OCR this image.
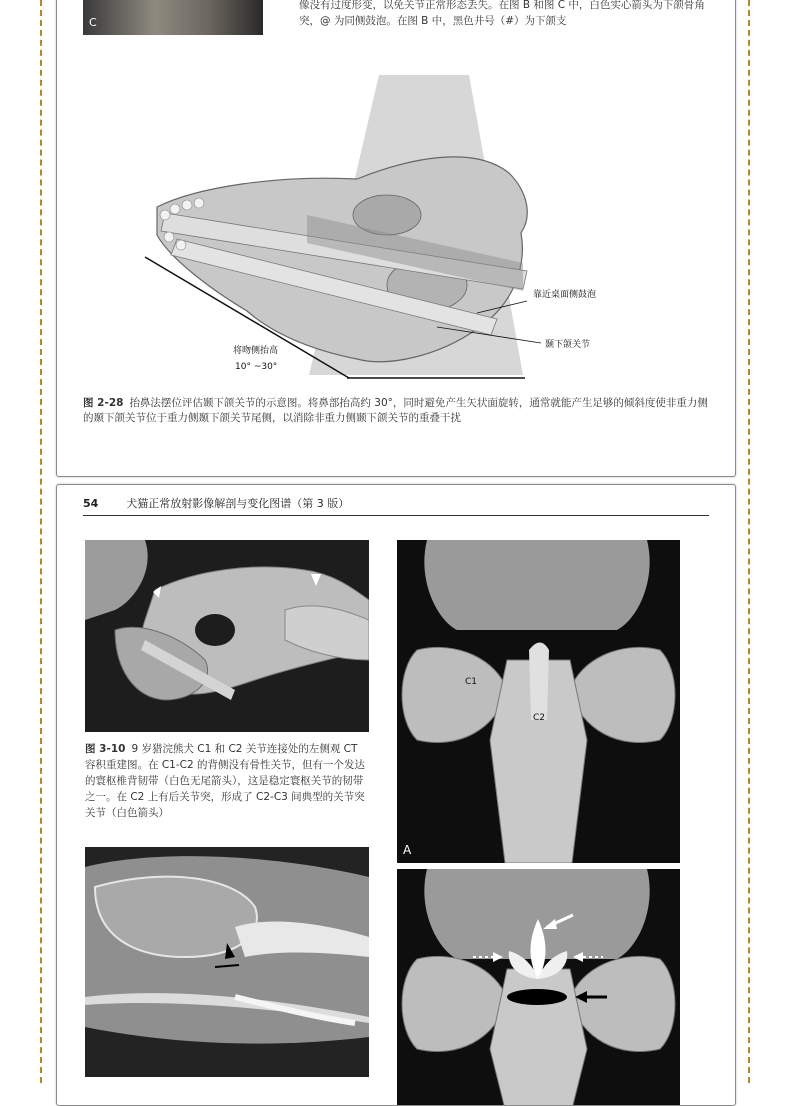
C
像没有过度形变，以免关节正常形态丢失。在图 B 和图 C 中，白色实心箭头为下颌骨角突，@ 为同侧鼓泡。在图 B 中，黑色井号（#）为下颌支
靠近桌面侧鼓泡
颞下颌关节
将吻侧抬高
10° ~30°
图 2-28 抬鼻法摆位评估颞下颌关节的示意图。将鼻部抬高约 30°，同时避免产生矢状面旋转，通常就能产生足够的倾斜度使非重力侧的颞下颌关节位于重力侧颞下颌关节尾侧，以消除非重力侧颞下颌关节的重叠干扰
54	犬猫正常放射影像解剖与变化图谱（第 3 版）
图 3-10 9 岁猎浣熊犬 C1 和 C2 关节连接处的左侧观 CT 容积重建图。在 C1-C2 的背侧没有骨性关节，但有一个发达的寰枢椎背韧带（白色无尾箭头），这是稳定寰枢关节的韧带之一。在 C2 上有后关节突，形成了 C2-C3 间典型的关节突关节（白色箭头）
C1
C2
A
